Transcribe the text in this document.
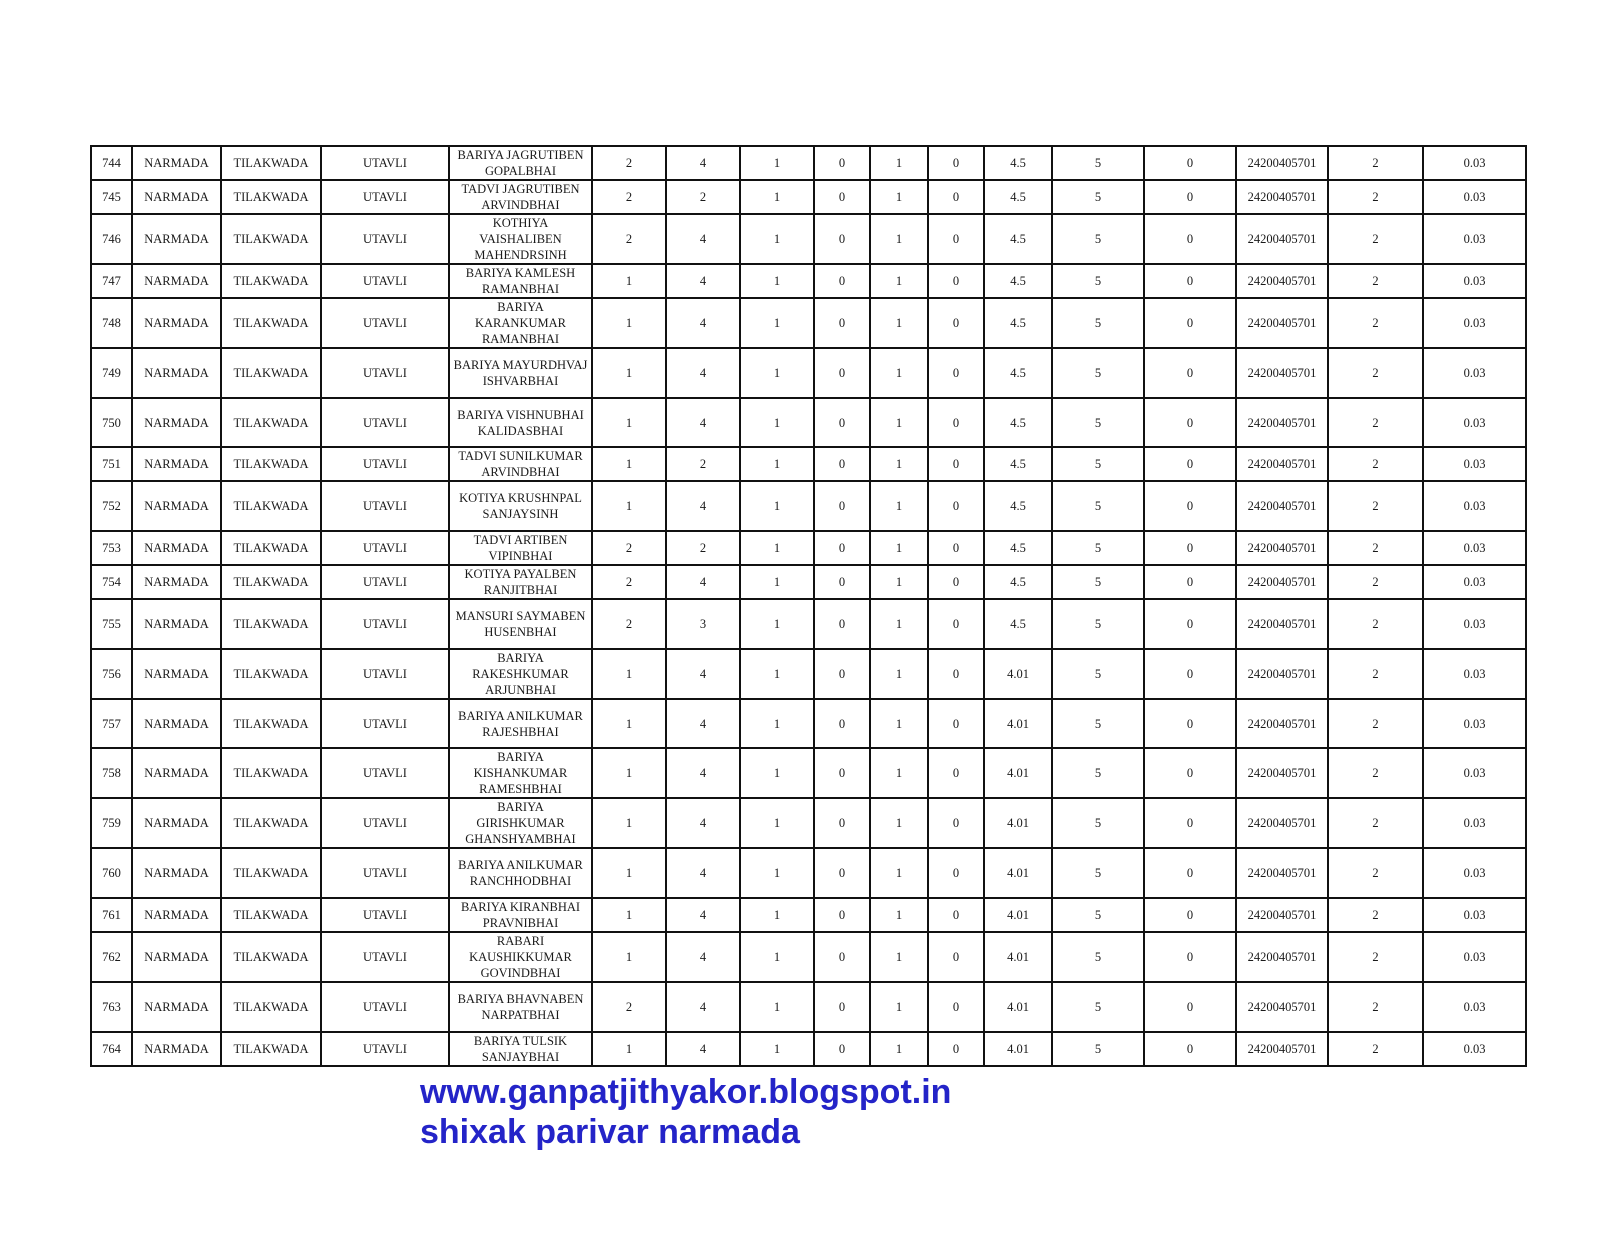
744	NARMADA	TILAKWADA	UTAVLI	BARIYA JAGRUTIBEN GOPALBHAI	2	4	1	0	1	0	4.5	5	0	24200405701	2	0.03
745	NARMADA	TILAKWADA	UTAVLI	TADVI JAGRUTIBEN ARVINDBHAI	2	2	1	0	1	0	4.5	5	0	24200405701	2	0.03
746	NARMADA	TILAKWADA	UTAVLI	KOTHIYA VAISHALIBEN MAHENDRSINH	2	4	1	0	1	0	4.5	5	0	24200405701	2	0.03
747	NARMADA	TILAKWADA	UTAVLI	BARIYA KAMLESH RAMANBHAI	1	4	1	0	1	0	4.5	5	0	24200405701	2	0.03
748	NARMADA	TILAKWADA	UTAVLI	BARIYA KARANKUMAR RAMANBHAI	1	4	1	0	1	0	4.5	5	0	24200405701	2	0.03
749	NARMADA	TILAKWADA	UTAVLI	BARIYA MAYURDHVAJ ISHVARBHAI	1	4	1	0	1	0	4.5	5	0	24200405701	2	0.03
750	NARMADA	TILAKWADA	UTAVLI	BARIYA VISHNUBHAI KALIDASBHAI	1	4	1	0	1	0	4.5	5	0	24200405701	2	0.03
751	NARMADA	TILAKWADA	UTAVLI	TADVI SUNILKUMAR ARVINDBHAI	1	2	1	0	1	0	4.5	5	0	24200405701	2	0.03
752	NARMADA	TILAKWADA	UTAVLI	KOTIYA KRUSHNPAL SANJAYSINH	1	4	1	0	1	0	4.5	5	0	24200405701	2	0.03
753	NARMADA	TILAKWADA	UTAVLI	TADVI ARTIBEN VIPINBHAI	2	2	1	0	1	0	4.5	5	0	24200405701	2	0.03
754	NARMADA	TILAKWADA	UTAVLI	KOTIYA PAYALBEN RANJITBHAI	2	4	1	0	1	0	4.5	5	0	24200405701	2	0.03
755	NARMADA	TILAKWADA	UTAVLI	MANSURI SAYMABEN HUSENBHAI	2	3	1	0	1	0	4.5	5	0	24200405701	2	0.03
756	NARMADA	TILAKWADA	UTAVLI	BARIYA RAKESHKUMAR ARJUNBHAI	1	4	1	0	1	0	4.01	5	0	24200405701	2	0.03
757	NARMADA	TILAKWADA	UTAVLI	BARIYA ANILKUMAR RAJESHBHAI	1	4	1	0	1	0	4.01	5	0	24200405701	2	0.03
758	NARMADA	TILAKWADA	UTAVLI	BARIYA KISHANKUMAR RAMESHBHAI	1	4	1	0	1	0	4.01	5	0	24200405701	2	0.03
759	NARMADA	TILAKWADA	UTAVLI	BARIYA GIRISHKUMAR GHANSHYAMBHAI	1	4	1	0	1	0	4.01	5	0	24200405701	2	0.03
760	NARMADA	TILAKWADA	UTAVLI	BARIYA ANILKUMAR RANCHHODBHAI	1	4	1	0	1	0	4.01	5	0	24200405701	2	0.03
761	NARMADA	TILAKWADA	UTAVLI	BARIYA KIRANBHAI PRAVNIBHAI	1	4	1	0	1	0	4.01	5	0	24200405701	2	0.03
762	NARMADA	TILAKWADA	UTAVLI	RABARI KAUSHIKKUMAR GOVINDBHAI	1	4	1	0	1	0	4.01	5	0	24200405701	2	0.03
763	NARMADA	TILAKWADA	UTAVLI	BARIYA BHAVNABEN NARPATBHAI	2	4	1	0	1	0	4.01	5	0	24200405701	2	0.03
764	NARMADA	TILAKWADA	UTAVLI	BARIYA TULSIK SANJAYBHAI	1	4	1	0	1	0	4.01	5	0	24200405701	2	0.03
www.ganpatjithyakor.blogspot.in
shixak parivar narmada
